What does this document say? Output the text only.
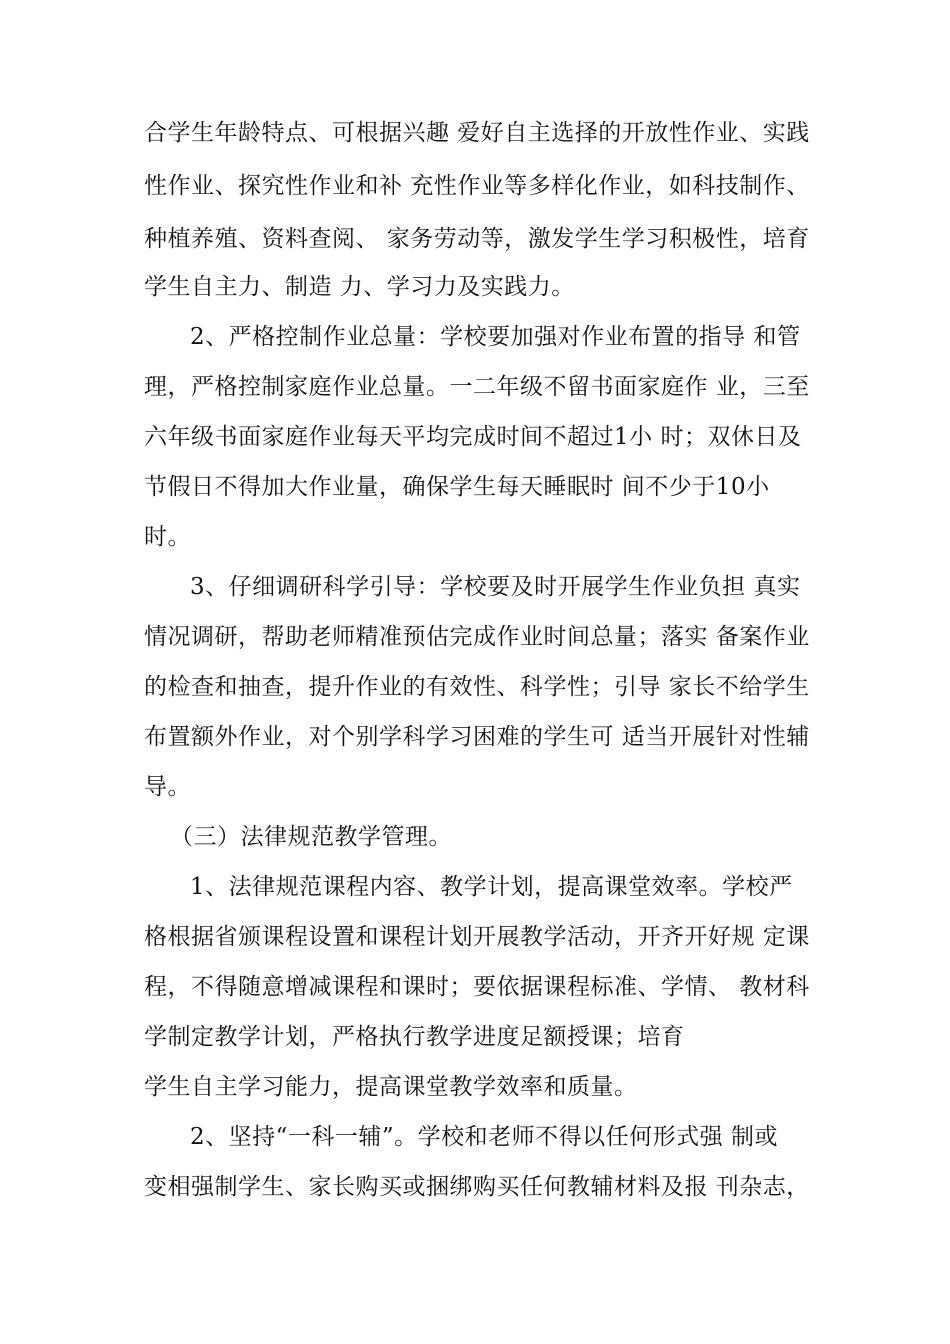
合学生年龄特点、可根据兴趣 爱好自主选择的开放性作业、实践
性作业、探究性作业和补 充性作业等多样化作业，如科技制作、
种植养殖、资料查阅、 家务劳动等，激发学生学习积极性，培育
学生自主力、制造 力、学习力及实践力。
2、严格控制作业总量：学校要加强对作业布置的指导 和管
理，严格控制家庭作业总量。一二年级不留书面家庭作 业，三至
六年级书面家庭作业每天平均完成时间不超过1小 时；双休日及
节假日不得加大作业量，确保学生每天睡眠时 间不少于10小
时。
3、仔细调研科学引导：学校要及时开展学生作业负担 真实
情况调研，帮助老师精准预估完成作业时间总量；落实 备案作业
的检查和抽查，提升作业的有效性、科学性；引导 家长不给学生
布置额外作业，对个别学科学习困难的学生可 适当开展针对性辅
导。
（三）法律规范教学管理。
1、法律规范课程内容、教学计划，提高课堂效率。学校严
格根据省颁课程设置和课程计划开展教学活动，开齐开好规 定课
程，不得随意增减课程和课时；要依据课程标准、学情、 教材科
学制定教学计划，严格执行教学进度足额授课；培育
学生自主学习能力，提高课堂教学效率和质量。
2、坚持“一科一辅”。学校和老师不得以任何形式强 制或
变相强制学生、家长购买或捆绑购买任何教辅材料及报 刊杂志，
